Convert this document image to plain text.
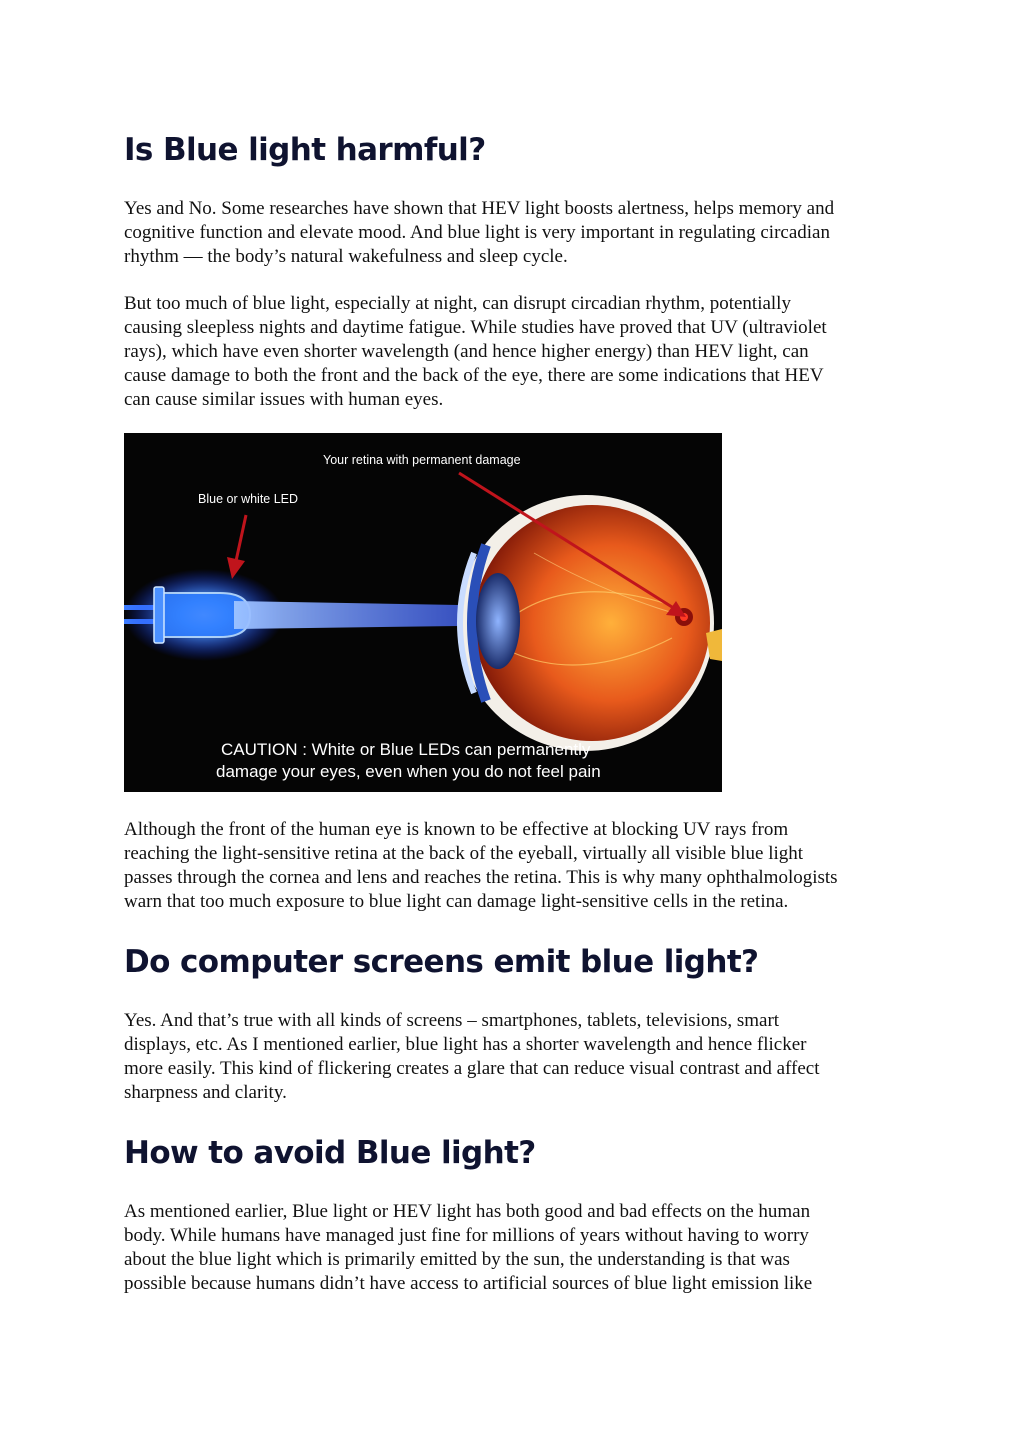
Is Blue light harmful?

Yes and No. Some researches have shown that HEV light boosts alertness, helps memory and

cognitive function and elevate mood. And blue light is very important in regulating circadian

rhythm — the body’s natural wakefulness and sleep cycle.

But too much of blue light, especially at night, can disrupt circadian rhythm, potentially

causing sleepless nights and daytime fatigue. While studies have proved that UV (ultraviolet

rays), which have even shorter wavelength (and hence higher energy) than HEV light, can

cause damage to both the front and the back of the eye, there are some indications that HEV

can cause similar issues with human eyes.

Your retina with permanent damage
Blue or white LED
CAUTION : White or Blue LEDs can permanently
damage your eyes, even when you do not feel pain

Although the front of the human eye is known to be effective at blocking UV rays from

reaching the light-sensitive retina at the back of the eyeball, virtually all visible blue light

passes through the cornea and lens and reaches the retina. This is why many ophthalmologists

warn that too much exposure to blue light can damage light-sensitive cells in the retina.

Do computer screens emit blue light?

Yes. And that’s true with all kinds of screens – smartphones, tablets, televisions, smart

displays, etc. As I mentioned earlier, blue light has a shorter wavelength and hence flicker

more easily. This kind of flickering creates a glare that can reduce visual contrast and affect

sharpness and clarity.

How to avoid Blue light?

As mentioned earlier, Blue light or HEV light has both good and bad effects on the human

body. While humans have managed just fine for millions of years without having to worry

about the blue light which is primarily emitted by the sun, the understanding is that was

possible because humans didn’t have access to artificial sources of blue light emission like
